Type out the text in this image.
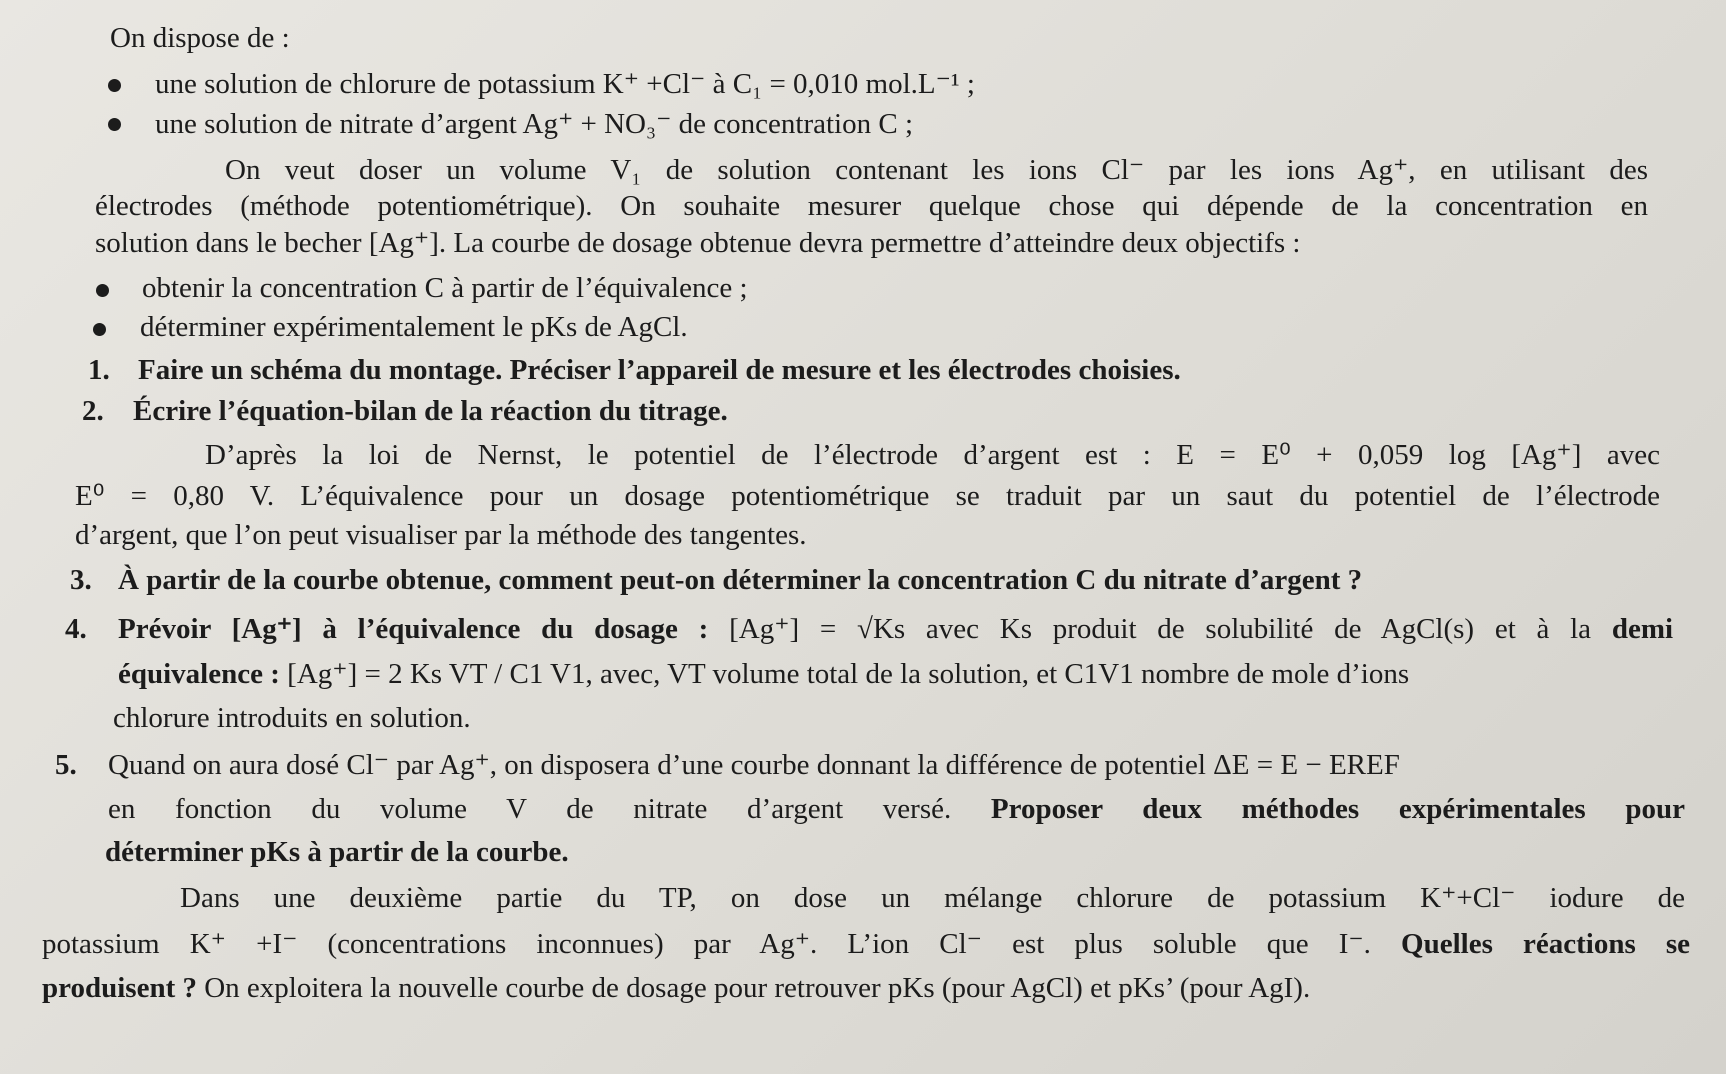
On dispose de :
une solution de chlorure de potassium K⁺ +Cl⁻ à C₁ = 0,010 mol.L⁻¹ ;
une solution de nitrate d’argent Ag⁺ + NO₃⁻ de concentration C ;
On veut doser un volume V₁ de solution contenant les ions Cl⁻ par les ions Ag⁺, en utilisant des
électrodes (méthode potentiométrique). On souhaite mesurer quelque chose qui dépende de la concentration en
solution dans le becher [Ag⁺]. La courbe de dosage obtenue devra permettre d’atteindre deux objectifs :
obtenir la concentration C à partir de l’équivalence ;
déterminer expérimentalement le pKs de AgCl.
1. Faire un schéma du montage. Préciser l’appareil de mesure et les électrodes choisies.
2. Écrire l’équation-bilan de la réaction du titrage.
D’après la loi de Nernst, le potentiel de l’électrode d’argent est : E = E⁰ + 0,059 log [Ag⁺] avec
E⁰ = 0,80 V. L’équivalence pour un dosage potentiométrique se traduit par un saut du potentiel de l’électrode
d’argent, que l’on peut visualiser par la méthode des tangentes.
3. À partir de la courbe obtenue, comment peut-on déterminer la concentration C du nitrate d’argent ?
4. Prévoir [Ag⁺] à l’équivalence du dosage : [Ag⁺] = √Ks avec Ks produit de solubilité de AgCl(s) et à la demi
équivalence : [Ag⁺] = 2 Ks VT / C1 V1, avec, VT volume total de la solution, et C1V1 nombre de mole d’ions
chlorure introduits en solution.
5. Quand on aura dosé Cl⁻ par Ag⁺, on disposera d’une courbe donnant la différence de potentiel ΔE = E − EREF
en fonction du volume V de nitrate d’argent versé. Proposer deux méthodes expérimentales pour
déterminer pKs à partir de la courbe.
Dans une deuxième partie du TP, on dose un mélange chlorure de potassium K⁺+Cl⁻ iodure de
potassium K⁺ +I⁻ (concentrations inconnues) par Ag⁺. L’ion Cl⁻ est plus soluble que I⁻. Quelles réactions se
produisent ? On exploitera la nouvelle courbe de dosage pour retrouver pKs (pour AgCl) et pKs’ (pour AgI).
